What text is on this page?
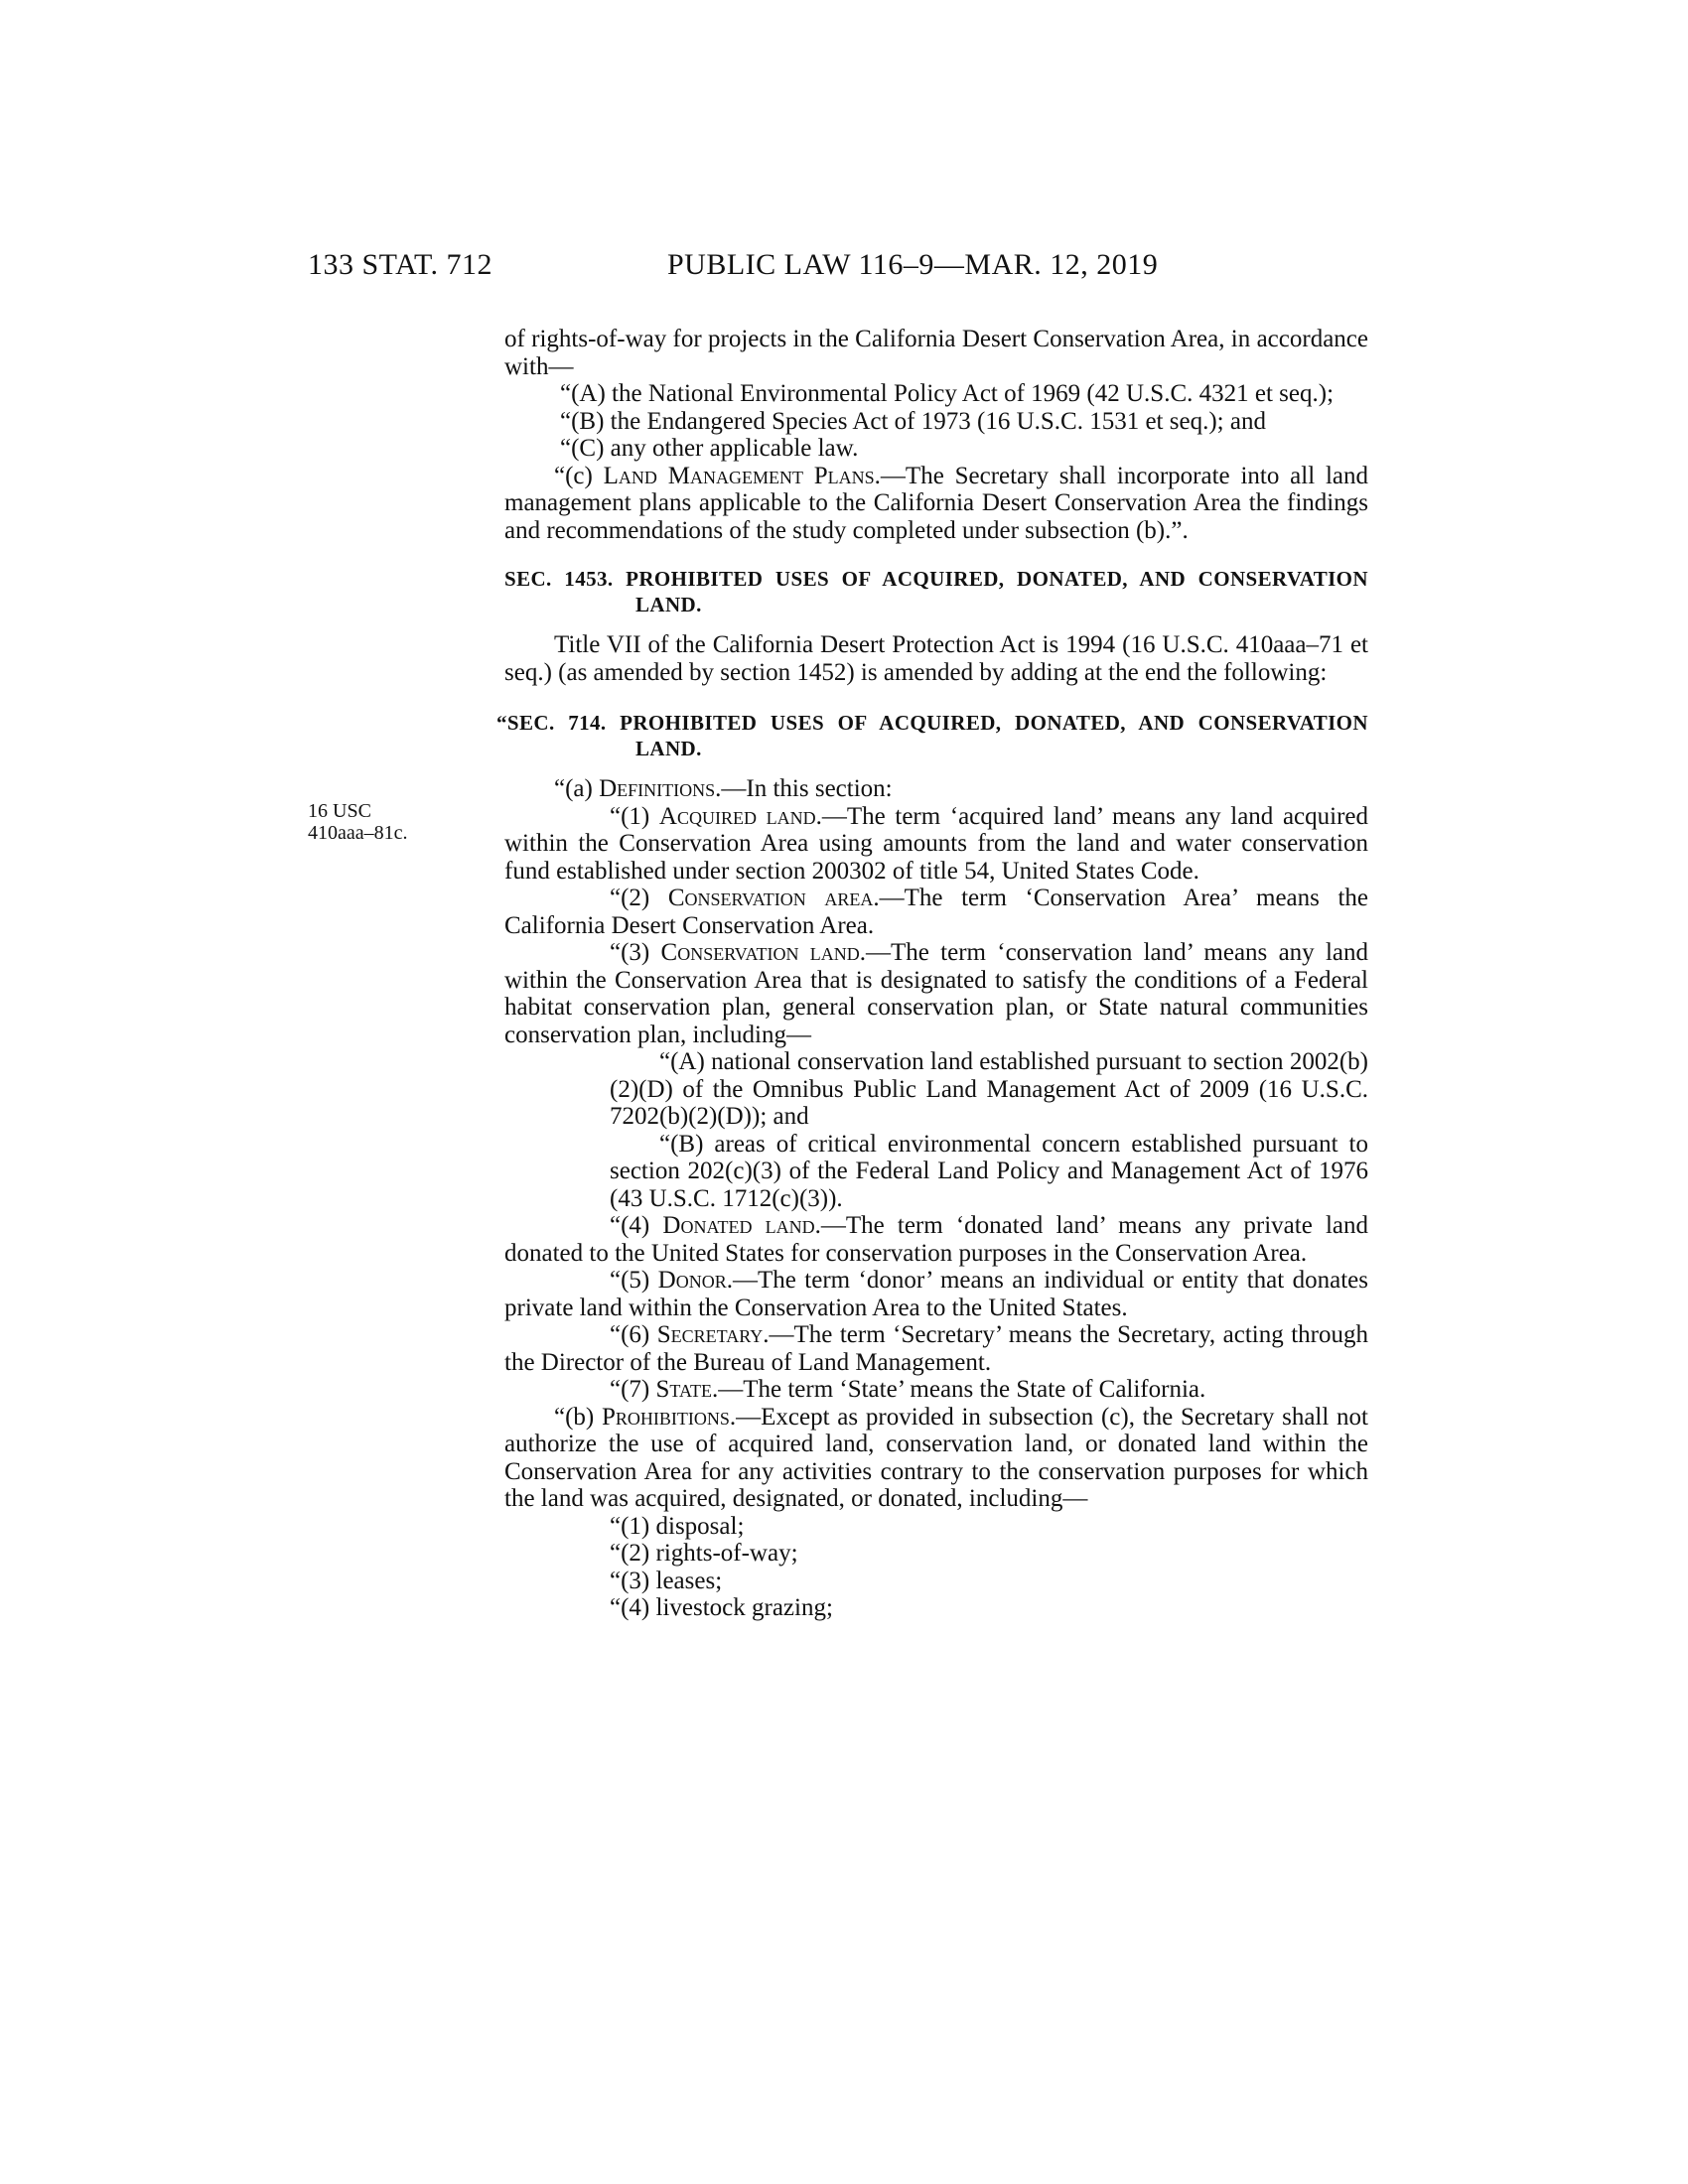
133 STAT. 712	PUBLIC LAW 116–9—MAR. 12, 2019
16 USC
410aaa–81c.

of rights-of-way for projects in the California Desert Conservation Area, in accordance with—

“(A) the National Environmental Policy Act of 1969 (42 U.S.C. 4321 et seq.);

“(B) the Endangered Species Act of 1973 (16 U.S.C. 1531 et seq.); and

“(C) any other applicable law.

“(c) Land Management Plans.—The Secretary shall incorporate into all land management plans applicable to the California Desert Conservation Area the findings and recommendations of the study completed under subsection (b).”.

SEC. 1453. PROHIBITED USES OF ACQUIRED, DONATED, AND CONSERVATION LAND.

Title VII of the California Desert Protection Act is 1994 (16 U.S.C. 410aaa–71 et seq.) (as amended by section 1452) is amended by adding at the end the following:

“SEC. 714. PROHIBITED USES OF ACQUIRED, DONATED, AND CONSERVATION LAND.

“(a) Definitions.—In this section:

“(1) Acquired land.—The term ‘acquired land’ means any land acquired within the Conservation Area using amounts from the land and water conservation fund established under section 200302 of title 54, United States Code.

“(2) Conservation area.—The term ‘Conservation Area’ means the California Desert Conservation Area.

“(3) Conservation land.—The term ‘conservation land’ means any land within the Conservation Area that is designated to satisfy the conditions of a Federal habitat conservation plan, general conservation plan, or State natural communities conservation plan, including—

“(A) national conservation land established pursuant to section 2002(b)(2)(D) of the Omnibus Public Land Management Act of 2009 (16 U.S.C. 7202(b)(2)(D)); and

“(B) areas of critical environmental concern established pursuant to section 202(c)(3) of the Federal Land Policy and Management Act of 1976 (43 U.S.C. 1712(c)(3)).

“(4) Donated land.—The term ‘donated land’ means any private land donated to the United States for conservation purposes in the Conservation Area.

“(5) Donor.—The term ‘donor’ means an individual or entity that donates private land within the Conservation Area to the United States.

“(6) Secretary.—The term ‘Secretary’ means the Secretary, acting through the Director of the Bureau of Land Management.

“(7) State.—The term ‘State’ means the State of California.

“(b) Prohibitions.—Except as provided in subsection (c), the Secretary shall not authorize the use of acquired land, conservation land, or donated land within the Conservation Area for any activities contrary to the conservation purposes for which the land was acquired, designated, or donated, including—

“(1) disposal;

“(2) rights-of-way;

“(3) leases;

“(4) livestock grazing;
